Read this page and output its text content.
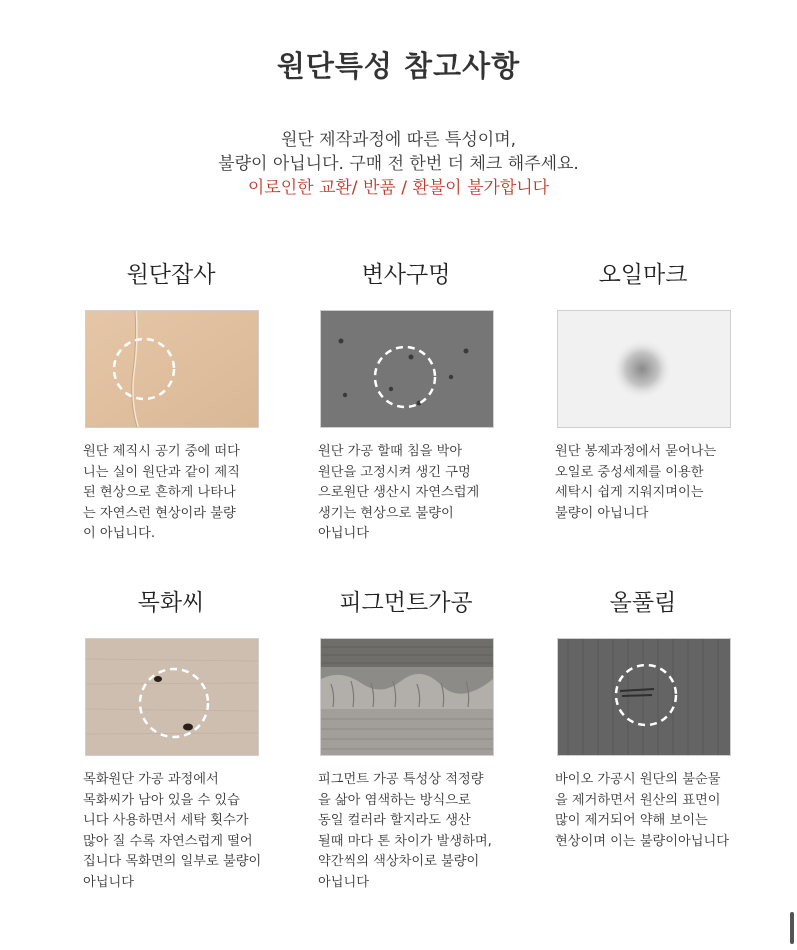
원단특성 참고사항
원단 제작과정에 따른 특성이며,
불량이 아닙니다. 구매 전 한번 더 체크 해주세요.
이로인한 교환/ 반품 / 환불이 불가합니다
원단잡사
원단 제직시 공기 중에 떠다
니는 실이 원단과 같이 제직
된 현상으로 흔하게 나타나
는 자연스런 현상이라 불량
이 아닙니다.
변사구멍
원단 가공 할때 침을 박아
원단을 고정시켜 생긴 구멍
으로원단 생산시 자연스럽게
생기는 현상으로 불량이
아닙니다
오일마크
원단 봉제과정에서 묻어나는
오일로 중성세제를 이용한
세탁시 쉽게 지워지며이는
불량이 아닙니다
목화씨
목화원단 가공 과정에서
목화씨가 남아 있을 수 있습
니다 사용하면서 세탁 횟수가
많아 질 수록 자연스럽게 떨어
집니다 목화면의 일부로 불량이
아닙니다
피그먼트가공
피그먼트 가공 특성상 적정량
을 삶아 염색하는 방식으로
동일 컬러라 할지라도 생산
될때 마다 톤 차이가 발생하며,
약간씩의 색상차이로 불량이
아닙니다
올풀림
바이오 가공시 원단의 불순물
을 제거하면서 원산의 표면이
많이 제거되어 약해 보이는
현상이며 이는 불량이아닙니다
